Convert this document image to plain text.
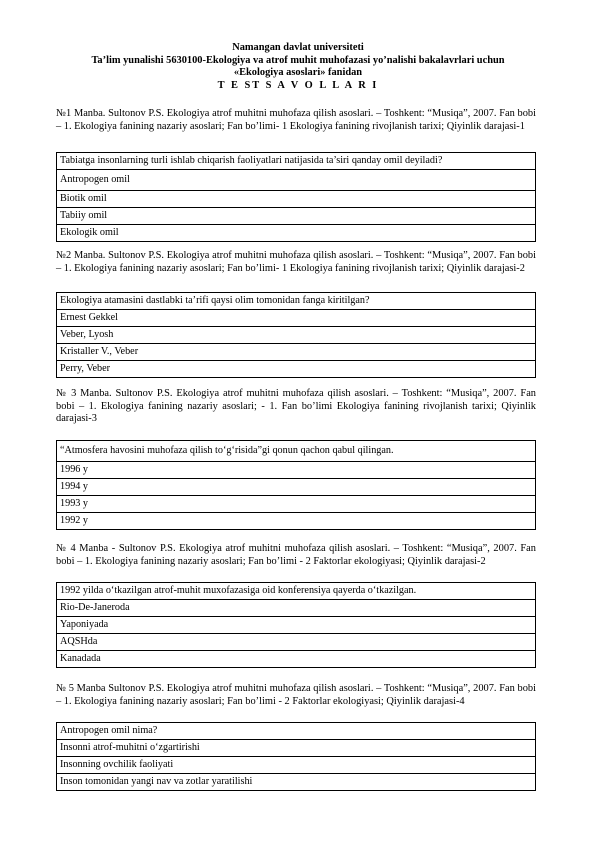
Namangan davlat universiteti
Ta’lim yunalishi 5630100-Ekologiya va atrof muhit muhofazasi yo’nalishi bakalavrlari uchun
«Ekologiya asoslari» fanidan
T E ST S A V O L L A R I
№1 Manba. Sultonov P.S. Ekologiya atrof muhitni muhofaza qilish asoslari. – Toshkent: “Musiqa”, 2007. Fan bobi – 1. Ekologiya fanining nazariy asoslari; Fan bo’limi- 1 Ekologiya fanining rivojlanish tarixi; Qiyinlik darajasi-1
Tabiatga insonlarning turli ishlab chiqarish faoliyatlari natijasida ta’siri qanday omil deyiladi?
Antropogen omil
Biotik omil
Tabiiy omil
Ekologik omil
№2 Manba. Sultonov P.S. Ekologiya atrof muhitni muhofaza qilish asoslari. – Toshkent: “Musiqa”, 2007. Fan bobi – 1. Ekologiya fanining nazariy asoslari; Fan bo’limi- 1 Ekologiya fanining rivojlanish tarixi; Qiyinlik darajasi-2
Ekologiya atamasini dastlabki ta’rifi qaysi olim tomonidan fanga kiritilgan?
Ernest Gekkel
Veber, Lyosh
Kristaller V., Veber
Perry, Veber
№ 3 Manba. Sultonov P.S. Ekologiya atrof muhitni muhofaza qilish asoslari. – Toshkent: “Musiqa”, 2007. Fan bobi – 1. Ekologiya fanining nazariy asoslari; - 1. Fan bo’limi Ekologiya fanining rivojlanish tarixi; Qiyinlik darajasi-3
“Atmosfera havosini muhofaza qilish to‘g‘risida”gi qonun qachon qabul qilingan.
1996 y
1994 y
1993 y
1992 y
№ 4 Manba - Sultonov P.S. Ekologiya atrof muhitni muhofaza qilish asoslari. – Toshkent: “Musiqa”, 2007. Fan bobi – 1. Ekologiya fanining nazariy asoslari; Fan bo’limi - 2 Faktorlar ekologiyasi; Qiyinlik darajasi-2
1992 yilda o‘tkazilgan atrof-muhit muxofazasiga oid konferensiya qayerda o‘tkazilgan.
Rio-De-Janeroda
Yaponiyada
AQSHda
Kanadada
№ 5 Manba Sultonov P.S. Ekologiya atrof muhitni muhofaza qilish asoslari. – Toshkent: “Musiqa”, 2007. Fan bobi – 1. Ekologiya fanining nazariy asoslari; Fan bo’limi - 2 Faktorlar ekologiyasi; Qiyinlik darajasi-4
Antropogen omil nima?
Insonni atrof-muhitni o‘zgartirishi
Insonning ovchilik faoliyati
Inson tomonidan yangi nav va zotlar yaratilishi
